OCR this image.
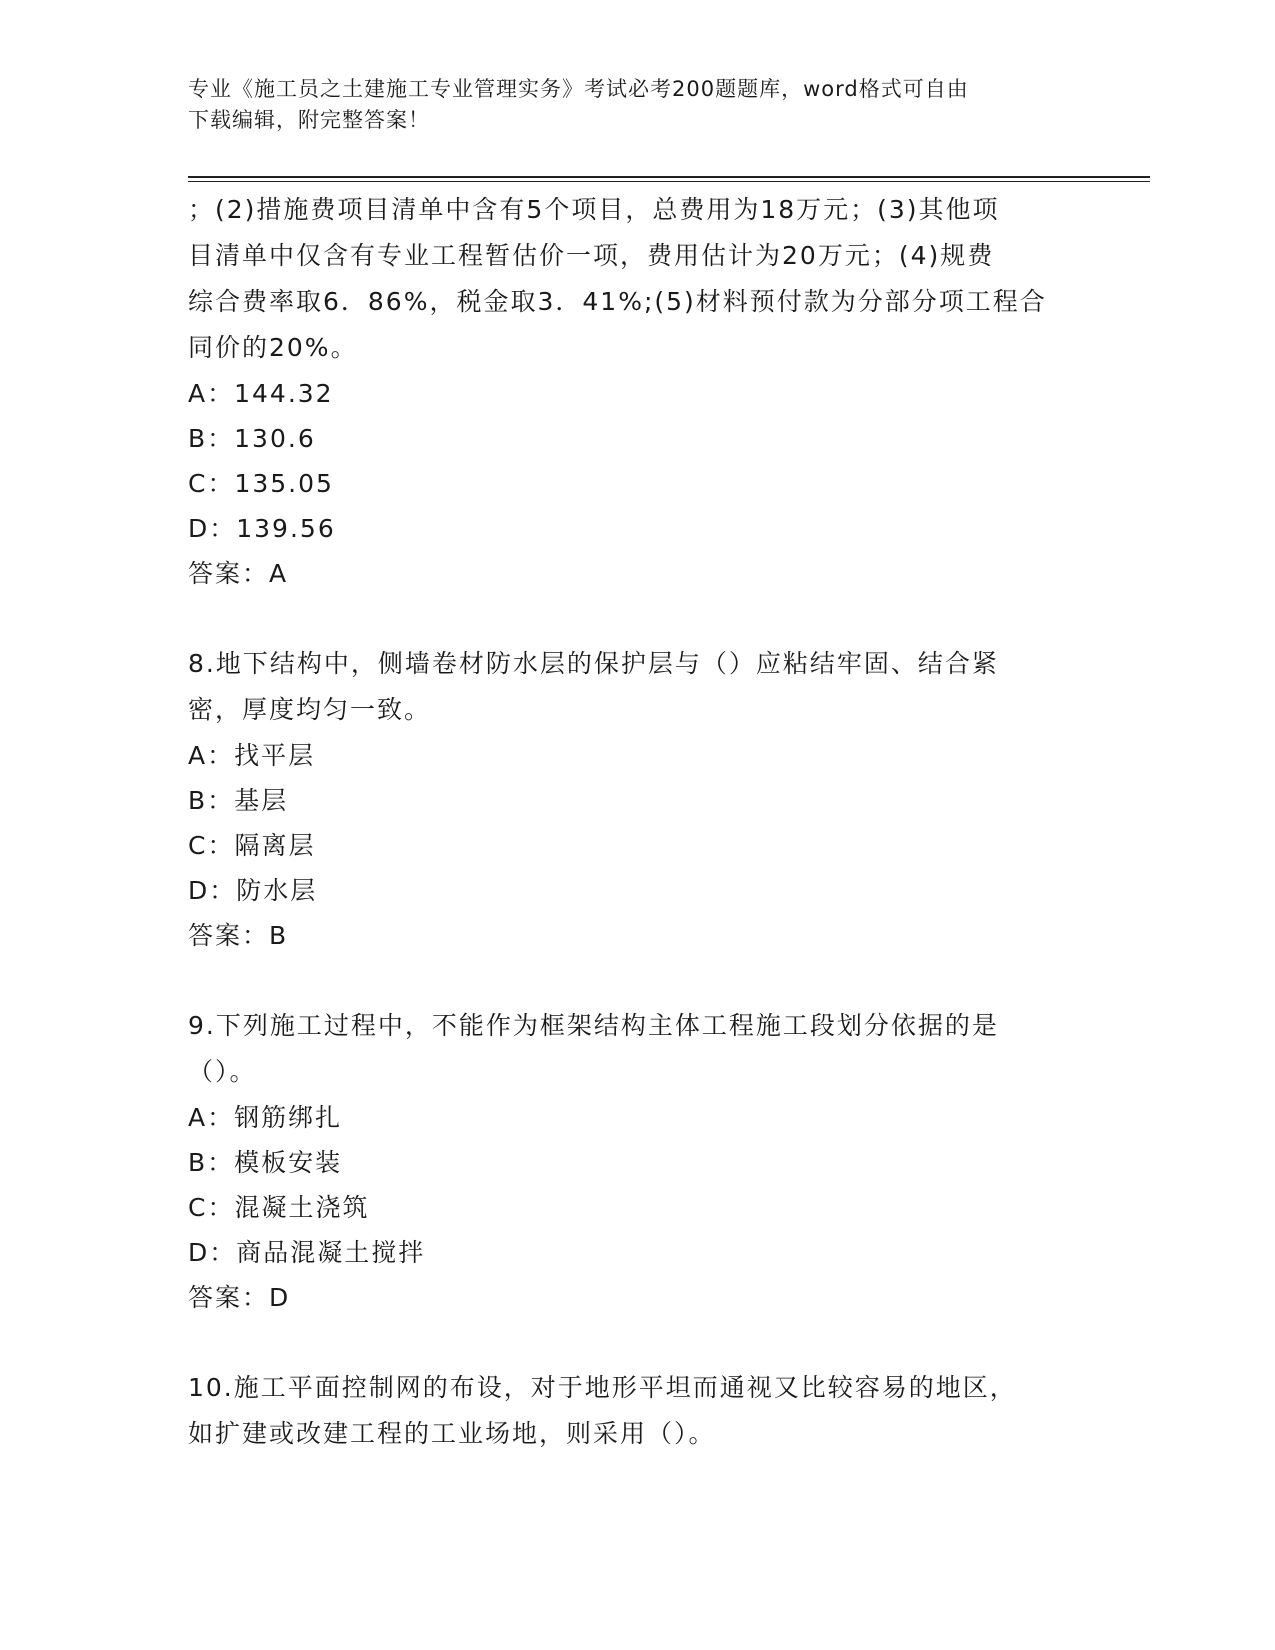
专业《施工员之土建施工专业管理实务》考试必考200题题库，word格式可自由
下载编辑，附完整答案！

；(2)措施费项目清单中含有5个项目，总费用为18万元；(3)其他项

目清单中仅含有专业工程暂估价一项，费用估计为20万元；(4)规费

综合费率取6．86%，税金取3．41%;(5)材料预付款为分部分项工程合

同价的20%。

A：144.32

B：130.6

C：135.05

D：139.56

答案：A

8.地下结构中，侧墙卷材防水层的保护层与（）应粘结牢固、结合紧

密，厚度均匀一致。

A：找平层

B：基层

C：隔离层

D：防水层

答案：B

9.下列施工过程中，不能作为框架结构主体工程施工段划分依据的是

（）。

A：钢筋绑扎

B：模板安装

C：混凝土浇筑

D：商品混凝土搅拌

答案：D

10.施工平面控制网的布设，对于地形平坦而通视又比较容易的地区，

如扩建或改建工程的工业场地，则采用（）。
